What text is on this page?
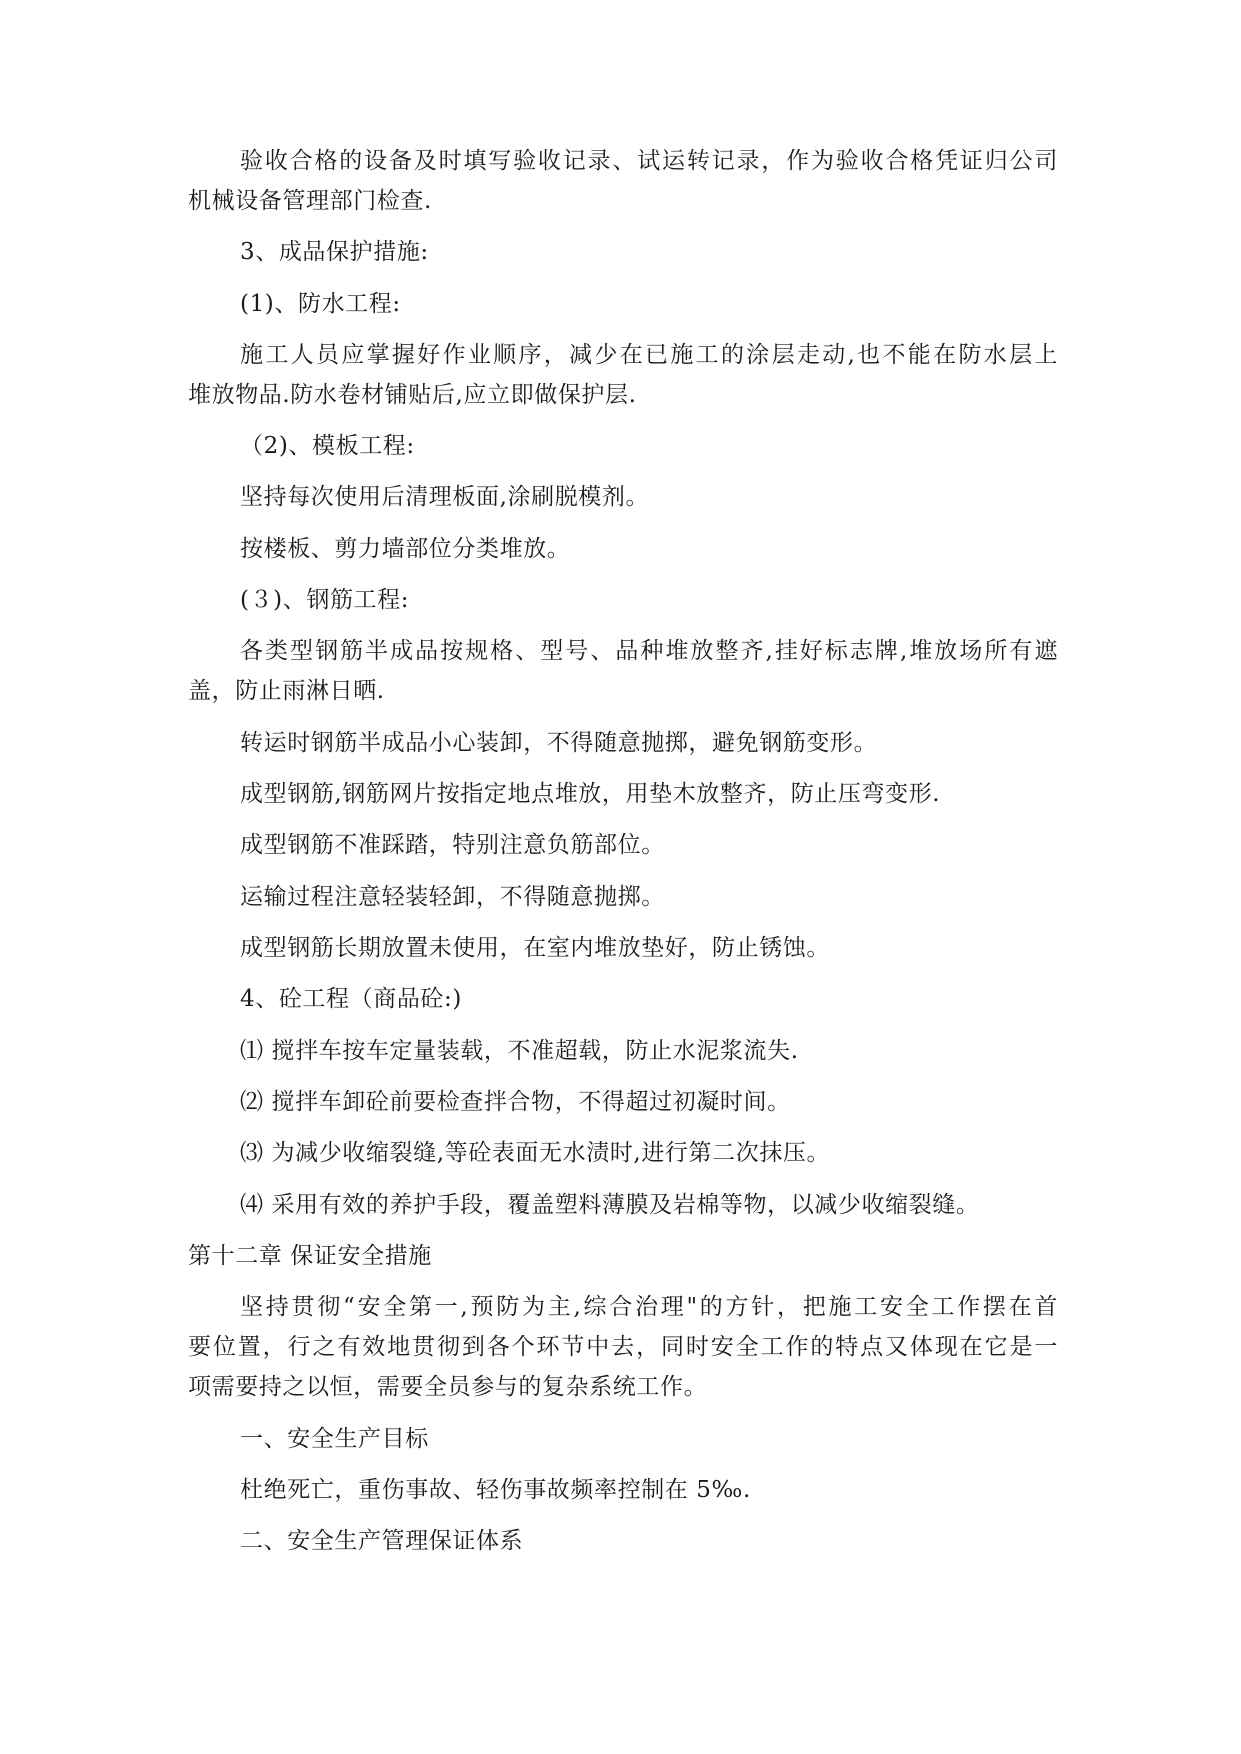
验收合格的设备及时填写验收记录、试运转记录，作为验收合格凭证归公司
机械设备管理部门检查.
3、成品保护措施:
(1)、防水工程:
施工人员应掌握好作业顺序，减少在已施工的涂层走动,也不能在防水层上
堆放物品.防水卷材铺贴后,应立即做保护层.
（2)、模板工程:
坚持每次使用后清理板面,涂刷脱模剂。
按楼板、剪力墙部位分类堆放。
(３)、钢筋工程:
各类型钢筋半成品按规格、型号、品种堆放整齐,挂好标志牌,堆放场所有遮
盖，防止雨淋日晒.
转运时钢筋半成品小心装卸，不得随意抛掷，避免钢筋变形。
成型钢筋,钢筋网片按指定地点堆放，用垫木放整齐，防止压弯变形.
成型钢筋不准踩踏，特别注意负筋部位。
运输过程注意轻装轻卸，不得随意抛掷。
成型钢筋长期放置未使用，在室内堆放垫好，防止锈蚀。
4、砼工程（商品砼:)
⑴ 搅拌车按车定量装载，不准超载，防止水泥浆流失.
⑵ 搅拌车卸砼前要检查拌合物，不得超过初凝时间。
⑶ 为减少收缩裂缝,等砼表面无水渍时,进行第二次抹压。
⑷ 采用有效的养护手段，覆盖塑料薄膜及岩棉等物，以减少收缩裂缝。
第十二章 保证安全措施
坚持贯彻“安全第一,预防为主,综合治理"的方针，把施工安全工作摆在首
要位置，行之有效地贯彻到各个环节中去，同时安全工作的特点又体现在它是一
项需要持之以恒，需要全员参与的复杂系统工作。
一、安全生产目标
杜绝死亡，重伤事故、轻伤事故频率控制在 5‰.
二、安全生产管理保证体系
